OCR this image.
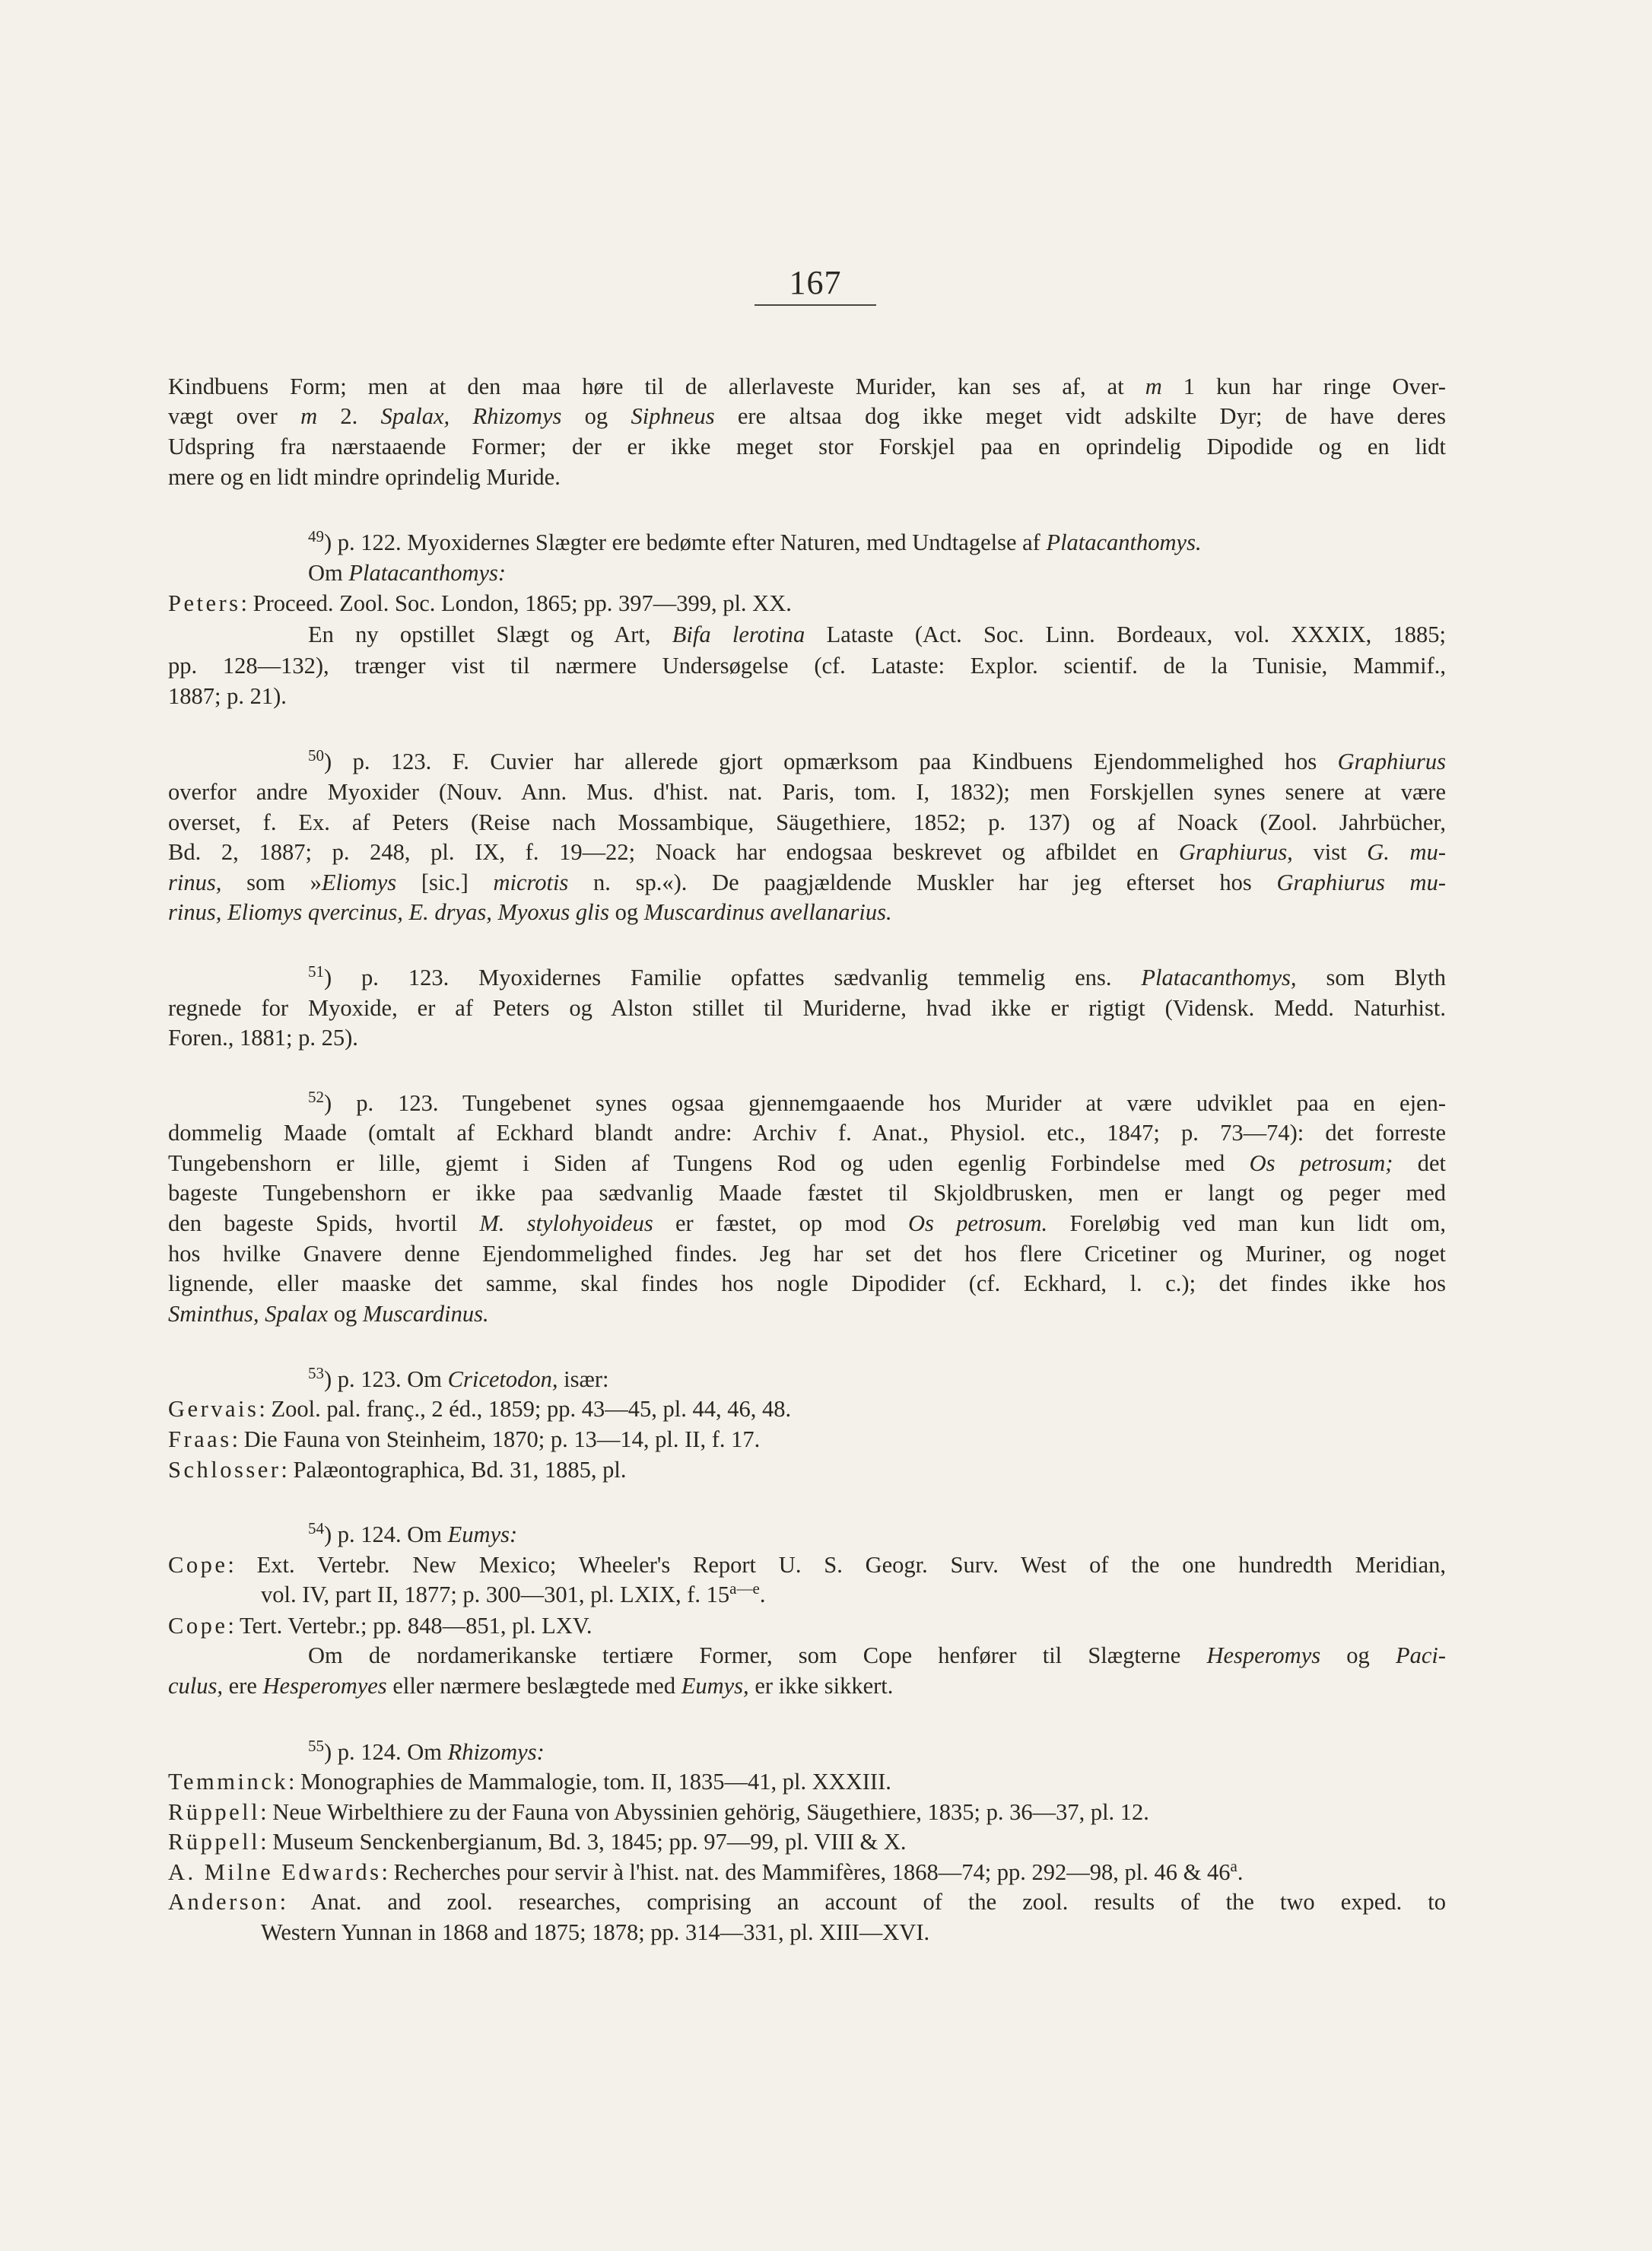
167
Kindbuens Form; men at den maa høre til de allerlaveste Murider, kan ses af, at m 1 kun har ringe Over-
vægt over m 2. Spalax, Rhizomys og Siphneus ere altsaa dog ikke meget vidt adskilte Dyr; de have deres
Udspring fra nærstaaende Former; der er ikke meget stor Forskjel paa en oprindelig Dipodide og en lidt
mere og en lidt mindre oprindelig Muride.
$^{49}$) p. 122. Myoxidernes Slægter ere bedømte efter Naturen, med Undtagelse af Platacanthomys.
Om Platacanthomys:
Peters: Proceed. Zool. Soc. London, 1865; pp. 397—399, pl. XX.
En ny opstillet Slægt og Art, Bifa lerotina Lataste (Act. Soc. Linn. Bordeaux, vol. XXXIX, 1885;
pp. 128—132), trænger vist til nærmere Undersøgelse (cf. Lataste: Explor. scientif. de la Tunisie, Mammif.,
1887; p. 21).
$^{50}$) p. 123. F. Cuvier har allerede gjort opmærksom paa Kindbuens Ejendommelighed hos Graphiurus
overfor andre Myoxider (Nouv. Ann. Mus. d'hist. nat. Paris, tom. I, 1832); men Forskjellen synes senere at være
overset, f. Ex. af Peters (Reise nach Mossambique, Säugethiere, 1852; p. 137) og af Noack (Zool. Jahrbücher,
Bd. 2, 1887; p. 248, pl. IX, f. 19—22; Noack har endogsaa beskrevet og afbildet en Graphiurus, vist G. mu-
rinus, som »Eliomys [sic.] microtis n. sp.«). De paagjældende Muskler har jeg efterset hos Graphiurus mu-
rinus, Eliomys qvercinus, E. dryas, Myoxus glis og Muscardinus avellanarius.
$^{51}$) p. 123. Myoxidernes Familie opfattes sædvanlig temmelig ens. Platacanthomys, som Blyth
regnede for Myoxide, er af Peters og Alston stillet til Muriderne, hvad ikke er rigtigt (Vidensk. Medd. Naturhist.
Foren., 1881; p. 25).
$^{52}$) p. 123. Tungebenet synes ogsaa gjennemgaaende hos Murider at være udviklet paa en ejen-
dommelig Maade (omtalt af Eckhard blandt andre: Archiv f. Anat., Physiol. etc., 1847; p. 73—74): det forreste
Tungebenshorn er lille, gjemt i Siden af Tungens Rod og uden egenlig Forbindelse med Os petrosum; det
bageste Tungebenshorn er ikke paa sædvanlig Maade fæstet til Skjoldbrusken, men er langt og peger med
den bageste Spids, hvortil M. stylohyoideus er fæstet, op mod Os petrosum. Foreløbig ved man kun lidt om,
hos hvilke Gnavere denne Ejendommelighed findes. Jeg har set det hos flere Cricetiner og Muriner, og noget
lignende, eller maaske det samme, skal findes hos nogle Dipodider (cf. Eckhard, l. c.); det findes ikke hos
Sminthus, Spalax og Muscardinus.
$^{53}$) p. 123. Om Cricetodon, især:
Gervais: Zool. pal. franç., 2 éd., 1859; pp. 43—45, pl. 44, 46, 48.
Fraas: Die Fauna von Steinheim, 1870; p. 13—14, pl. II, f. 17.
Schlosser: Palæontographica, Bd. 31, 1885, pl.
$^{54}$) p. 124. Om Eumys:
Cope: Ext. Vertebr. New Mexico; Wheeler's Report U. S. Geogr. Surv. West of the one hundredth Meridian,
vol. IV, part II, 1877; p. 300—301, pl. LXIX, f. 15$^{a—e}$.
Cope: Tert. Vertebr.; pp. 848—851, pl. LXV.
Om de nordamerikanske tertiære Former, som Cope henfører til Slægterne Hesperomys og Paci-
culus, ere Hesperomyes eller nærmere beslægtede med Eumys, er ikke sikkert.
$^{55}$) p. 124. Om Rhizomys:
Temminck: Monographies de Mammalogie, tom. II, 1835—41, pl. XXXIII.
Rüppell: Neue Wirbelthiere zu der Fauna von Abyssinien gehörig, Säugethiere, 1835; p. 36—37, pl. 12.
Rüppell: Museum Senckenbergianum, Bd. 3, 1845; pp. 97—99, pl. VIII & X.
A. Milne Edwards: Recherches pour servir à l'hist. nat. des Mammifères, 1868—74; pp. 292—98, pl. 46 & 46$^a$.
Anderson: Anat. and zool. researches, comprising an account of the zool. results of the two exped. to
Western Yunnan in 1868 and 1875; 1878; pp. 314—331, pl. XIII—XVI.
